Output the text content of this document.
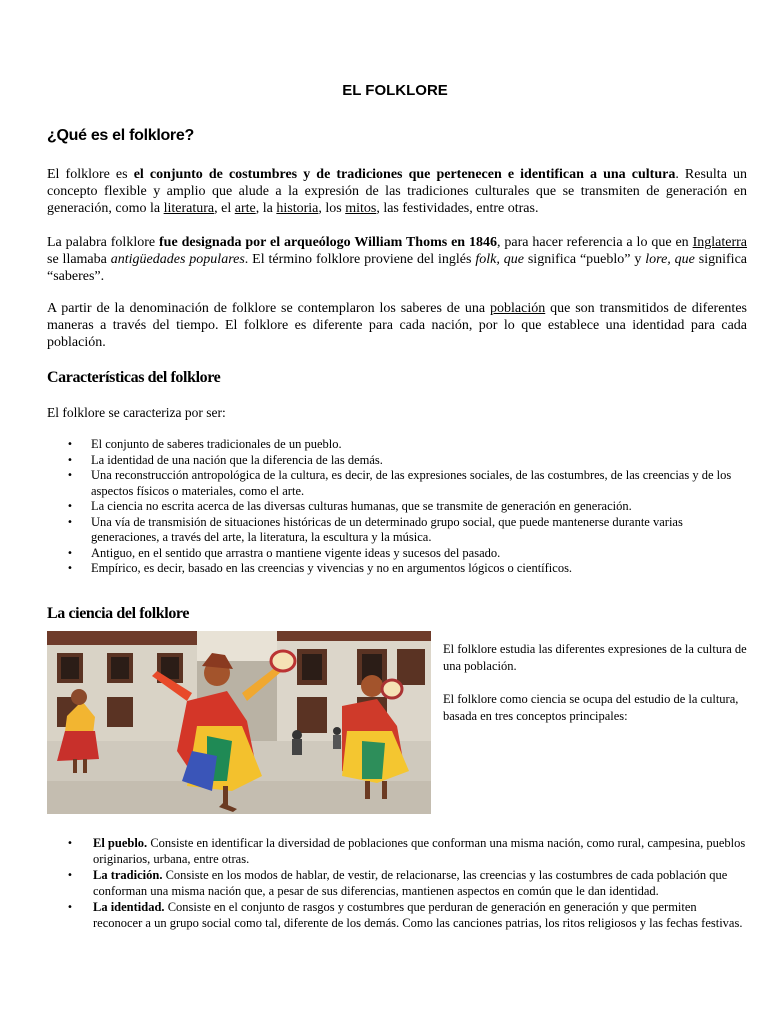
EL FOLKLORE
¿Qué es el folklore?
El folklore es el conjunto de costumbres y de tradiciones que pertenecen e identifican a una cultura. Resulta un concepto flexible y amplio que alude a la expresión de las tradiciones culturales que se transmiten de generación en generación, como la literatura, el arte, la historia, los mitos, las festividades, entre otras.
La palabra folklore fue designada por el arqueólogo William Thoms en 1846, para hacer referencia a lo que en Inglaterra se llamaba antigüedades populares. El término folklore proviene del inglés folk, que significa “pueblo” y lore, que significa “saberes”.
A partir de la denominación de folklore se contemplaron los saberes de una población que son transmitidos de diferentes maneras a través del tiempo. El folklore es diferente para cada nación, por lo que establece una identidad para cada población.
Características del folklore
El folklore se caracteriza por ser:
• El conjunto de saberes tradicionales de un pueblo.
• La identidad de una nación que la diferencia de las demás.
• Una reconstrucción antropológica de la cultura, es decir, de las expresiones sociales, de las costumbres, de las creencias y de los aspectos físicos o materiales, como el arte.
• La ciencia no escrita acerca de las diversas culturas humanas, que se transmite de generación en generación.
• Una vía de transmisión de situaciones históricas de un determinado grupo social, que puede mantenerse durante varias generaciones, a través del arte, la literatura, la escultura y la música.
• Antiguo, en el sentido que arrastra o mantiene vigente ideas y sucesos del pasado.
• Empírico, es decir, basado en las creencias y vivencias y no en argumentos lógicos o científicos.
La ciencia del folklore
El folklore estudia las diferentes expresiones de la cultura de una población.
El folklore como ciencia se ocupa del estudio de la cultura, basada en tres conceptos principales:
• El pueblo. Consiste en identificar la diversidad de poblaciones que conforman una misma nación, como rural, campesina, pueblos originarios, urbana, entre otras.
• La tradición. Consiste en los modos de hablar, de vestir, de relacionarse, las creencias y las costumbres de cada población que conforman una misma nación que, a pesar de sus diferencias, mantienen aspectos en común que le dan identidad.
• La identidad. Consiste en el conjunto de rasgos y costumbres que perduran de generación en generación y que permiten reconocer a un grupo social como tal, diferente de los demás. Como las canciones patrias, los ritos religiosos y las fechas festivas.
